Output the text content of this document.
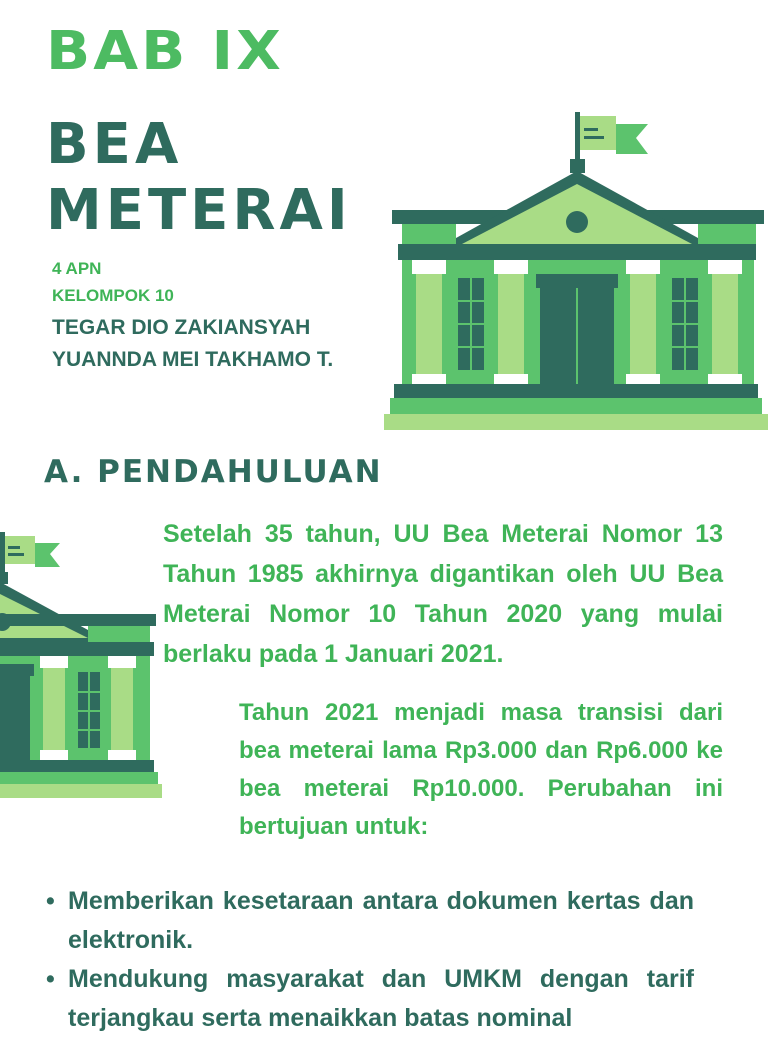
BAB IX
BEA
METERAI
4 APN
KELOMPOK 10
TEGAR DIO ZAKIANSYAH
YUANNDA MEI TAKHAMO T.
A. PENDAHULUAN
Setelah 35 tahun, UU Bea Meterai Nomor 13 Tahun 1985 akhirnya digantikan oleh UU Bea Meterai Nomor 10 Tahun 2020 yang mulai berlaku pada 1 Januari 2021.
Tahun 2021 menjadi masa transisi dari bea meterai lama Rp3.000 dan Rp6.000 ke bea meterai Rp10.000. Perubahan ini bertujuan untuk:
• Memberikan kesetaraan antara dokumen kertas dan elektronik.
• Mendukung masyarakat dan UMKM dengan tarif terjangkau serta menaikkan batas nominal
